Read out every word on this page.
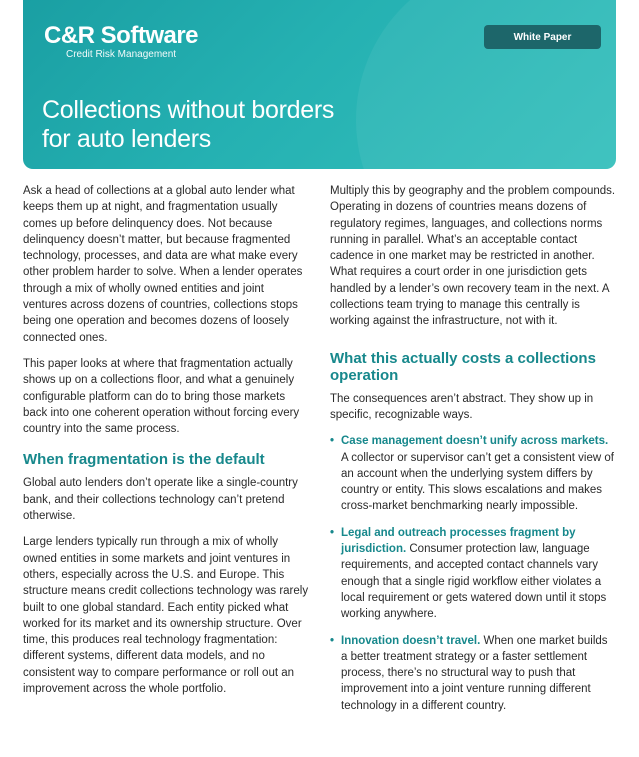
C&R Software
Credit Risk Management
White Paper
Collections without borders
for auto lenders

Ask a head of collections at a global auto lender what keeps them up at night, and fragmentation usually comes up before delinquency does. Not because delinquency doesn’t matter, but because fragmented technology, processes, and data are what make every other problem harder to solve. When a lender operates through a mix of wholly owned entities and joint ventures across dozens of countries, collections stops being one operation and becomes dozens of loosely connected ones.

This paper looks at where that fragmentation actually shows up on a collections floor, and what a genuinely configurable platform can do to bring those markets back into one coherent operation without forcing every country into the same process.

When fragmentation is the default

Global auto lenders don’t operate like a single-country bank, and their collections technology can’t pretend otherwise.

Large lenders typically run through a mix of wholly owned entities in some markets and joint ventures in others, especially across the U.S. and Europe. This structure means credit collections technology was rarely built to one global standard. Each entity picked what worked for its market and its ownership structure. Over time, this produces real technology fragmentation: different systems, different data models, and no consistent way to compare performance or roll out an improvement across the whole portfolio.

Multiply this by geography and the problem compounds. Operating in dozens of countries means dozens of regulatory regimes, languages, and collections norms running in parallel. What’s an acceptable contact cadence in one market may be restricted in another. What requires a court order in one jurisdiction gets handled by a lender’s own recovery team in the next. A collections team trying to manage this centrally is working against the infrastructure, not with it.

What this actually costs a collections operation

The consequences aren’t abstract. They show up in specific, recognizable ways.

• Case management doesn’t unify across markets. A collector or supervisor can’t get a consistent view of an account when the underlying system differs by country or entity. This slows escalations and makes cross-market benchmarking nearly impossible.
• Legal and outreach processes fragment by jurisdiction. Consumer protection law, language requirements, and accepted contact channels vary enough that a single rigid workflow either violates a local requirement or gets watered down until it stops working anywhere.
• Innovation doesn’t travel. When one market builds a better treatment strategy or a faster settlement process, there’s no structural way to push that improvement into a joint venture running different technology in a different country.
